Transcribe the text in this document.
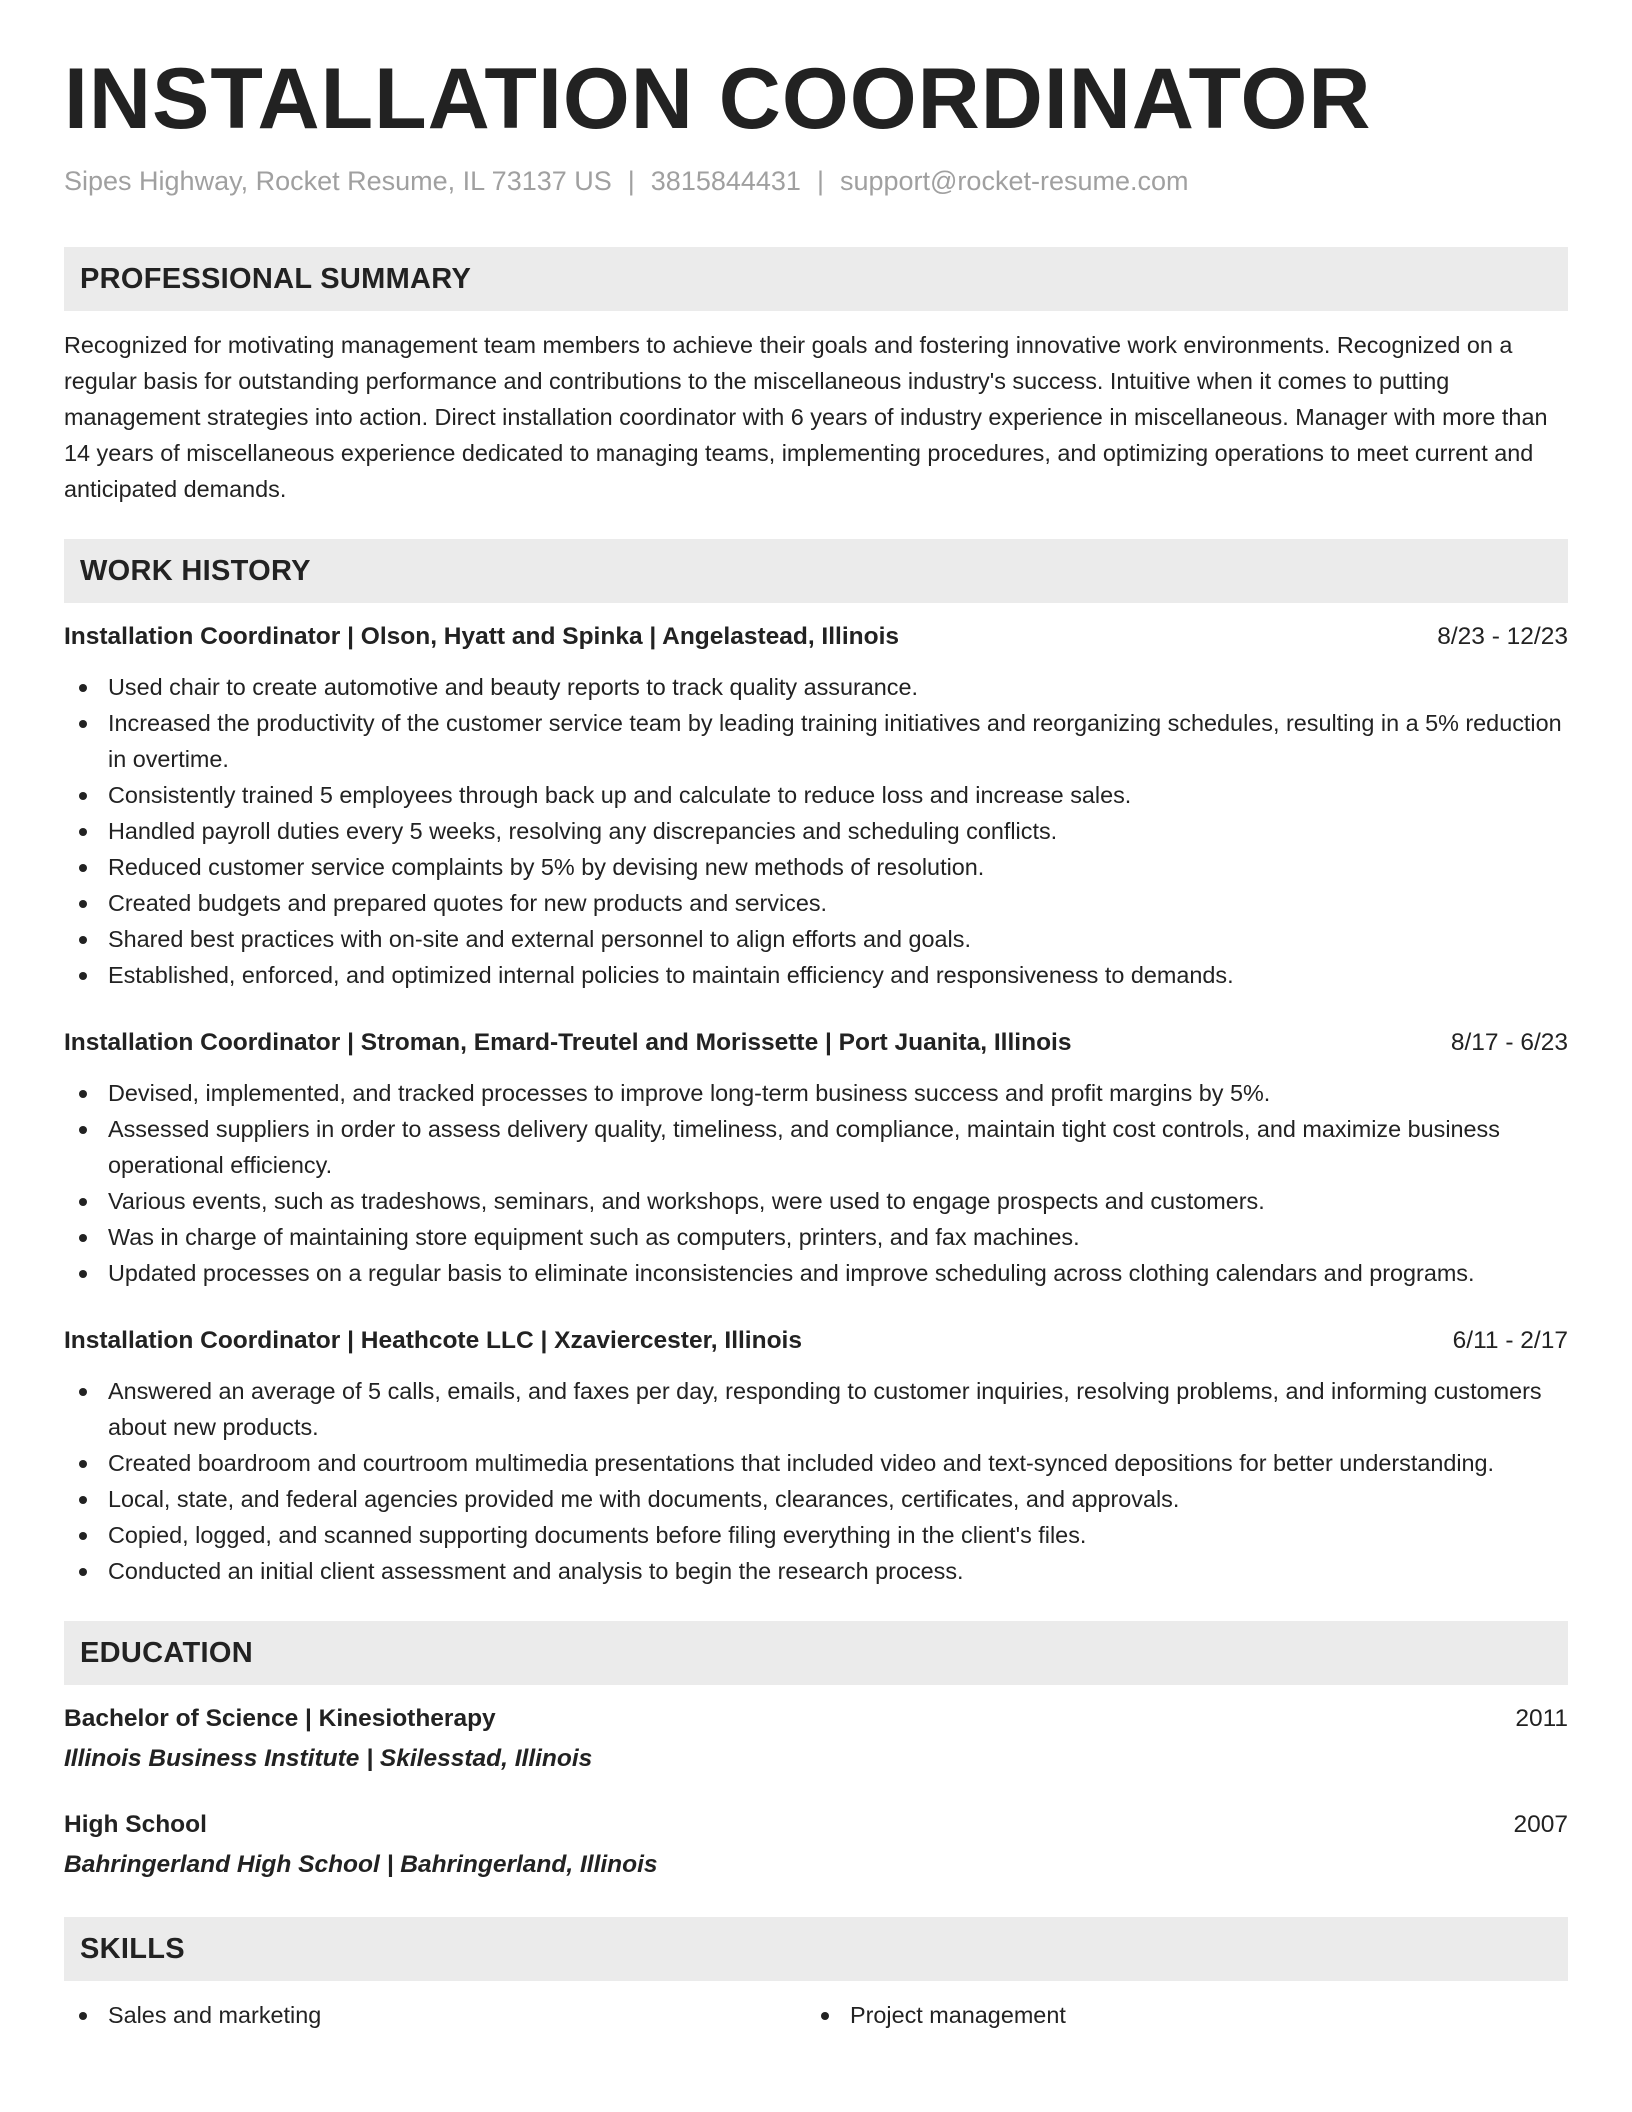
INSTALLATION COORDINATOR
Sipes Highway, Rocket Resume, IL 73137 US | 3815844431 | support@rocket-resume.com
PROFESSIONAL SUMMARY

Recognized for motivating management team members to achieve their goals and fostering innovative work environments. Recognized on a regular basis for outstanding performance and contributions to the miscellaneous industry's success. Intuitive when it comes to putting management strategies into action. Direct installation coordinator with 6 years of industry experience in miscellaneous. Manager with more than 14 years of miscellaneous experience dedicated to managing teams, implementing procedures, and optimizing operations to meet current and anticipated demands.

WORK HISTORY
Installation Coordinator | Olson, Hyatt and Spinka | Angelastead, Illinois	8/23 - 12/23
Used chair to create automotive and beauty reports to track quality assurance.
Increased the productivity of the customer service team by leading training initiatives and reorganizing schedules, resulting in a 5% reduction in overtime.
Consistently trained 5 employees through back up and calculate to reduce loss and increase sales.
Handled payroll duties every 5 weeks, resolving any discrepancies and scheduling conflicts.
Reduced customer service complaints by 5% by devising new methods of resolution.
Created budgets and prepared quotes for new products and services.
Shared best practices with on-site and external personnel to align efforts and goals.
Established, enforced, and optimized internal policies to maintain efficiency and responsiveness to demands.
Installation Coordinator | Stroman, Emard-Treutel and Morissette | Port Juanita, Illinois	8/17 - 6/23
Devised, implemented, and tracked processes to improve long-term business success and profit margins by 5%.
Assessed suppliers in order to assess delivery quality, timeliness, and compliance, maintain tight cost controls, and maximize business operational efficiency.
Various events, such as tradeshows, seminars, and workshops, were used to engage prospects and customers.
Was in charge of maintaining store equipment such as computers, printers, and fax machines.
Updated processes on a regular basis to eliminate inconsistencies and improve scheduling across clothing calendars and programs.
Installation Coordinator | Heathcote LLC | Xzaviercester, Illinois	6/11 - 2/17
Answered an average of 5 calls, emails, and faxes per day, responding to customer inquiries, resolving problems, and informing customers about new products.
Created boardroom and courtroom multimedia presentations that included video and text-synced depositions for better understanding.
Local, state, and federal agencies provided me with documents, clearances, certificates, and approvals.
Copied, logged, and scanned supporting documents before filing everything in the client's files.
Conducted an initial client assessment and analysis to begin the research process.
EDUCATION
Bachelor of Science | Kinesiotherapy	2011
Illinois Business Institute | Skilesstad, Illinois
High School	2007
Bahringerland High School | Bahringerland, Illinois
SKILLS
Sales and marketing	Project management
